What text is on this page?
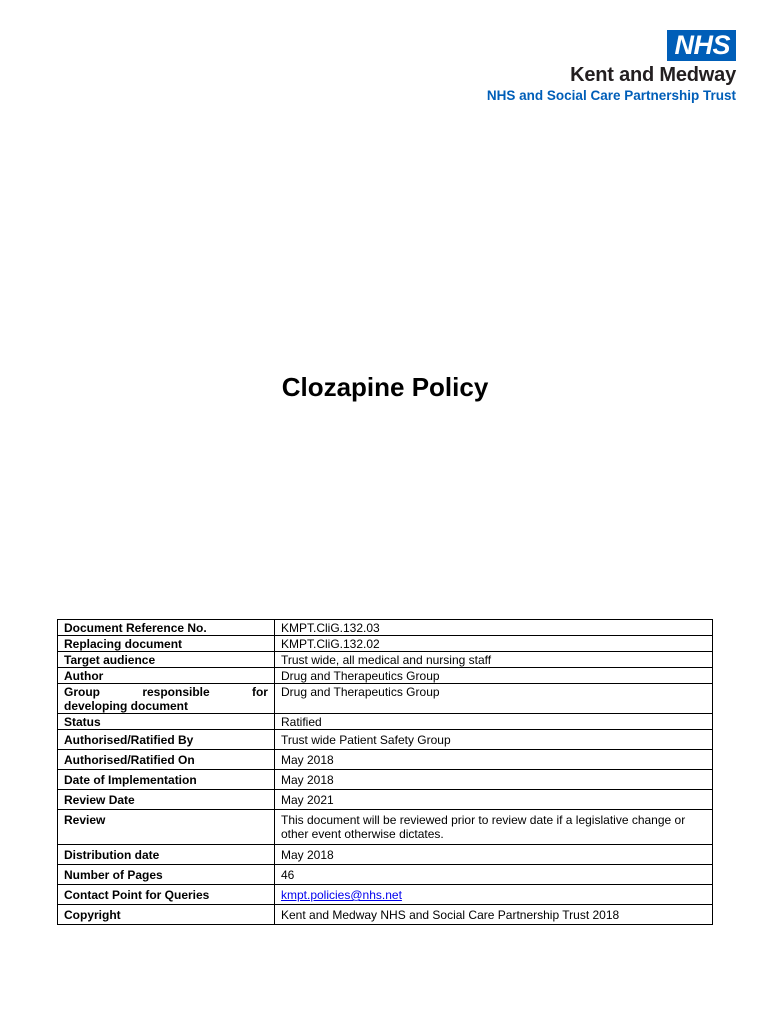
NHS
Kent and Medway
NHS and Social Care Partnership Trust
Clozapine Policy
Document Reference No.	KMPT.CliG.132.03
Replacing document	KMPT.CliG.132.02
Target audience	Trust wide, all medical and nursing staff
Author	Drug and Therapeutics Group

Group responsible for
developing document	Drug and Therapeutics Group
Status	Ratified
Authorised/Ratified By	Trust wide Patient Safety Group
Authorised/Ratified On	May 2018
Date of Implementation	May 2018
Review Date	May 2021
Review	This document will be reviewed prior to review date if a legislative change or other event otherwise dictates.
Distribution date	May 2018
Number of Pages	46
Contact Point for Queries	kmpt.policies@nhs.net
Copyright	Kent and Medway NHS and Social Care Partnership Trust 2018
